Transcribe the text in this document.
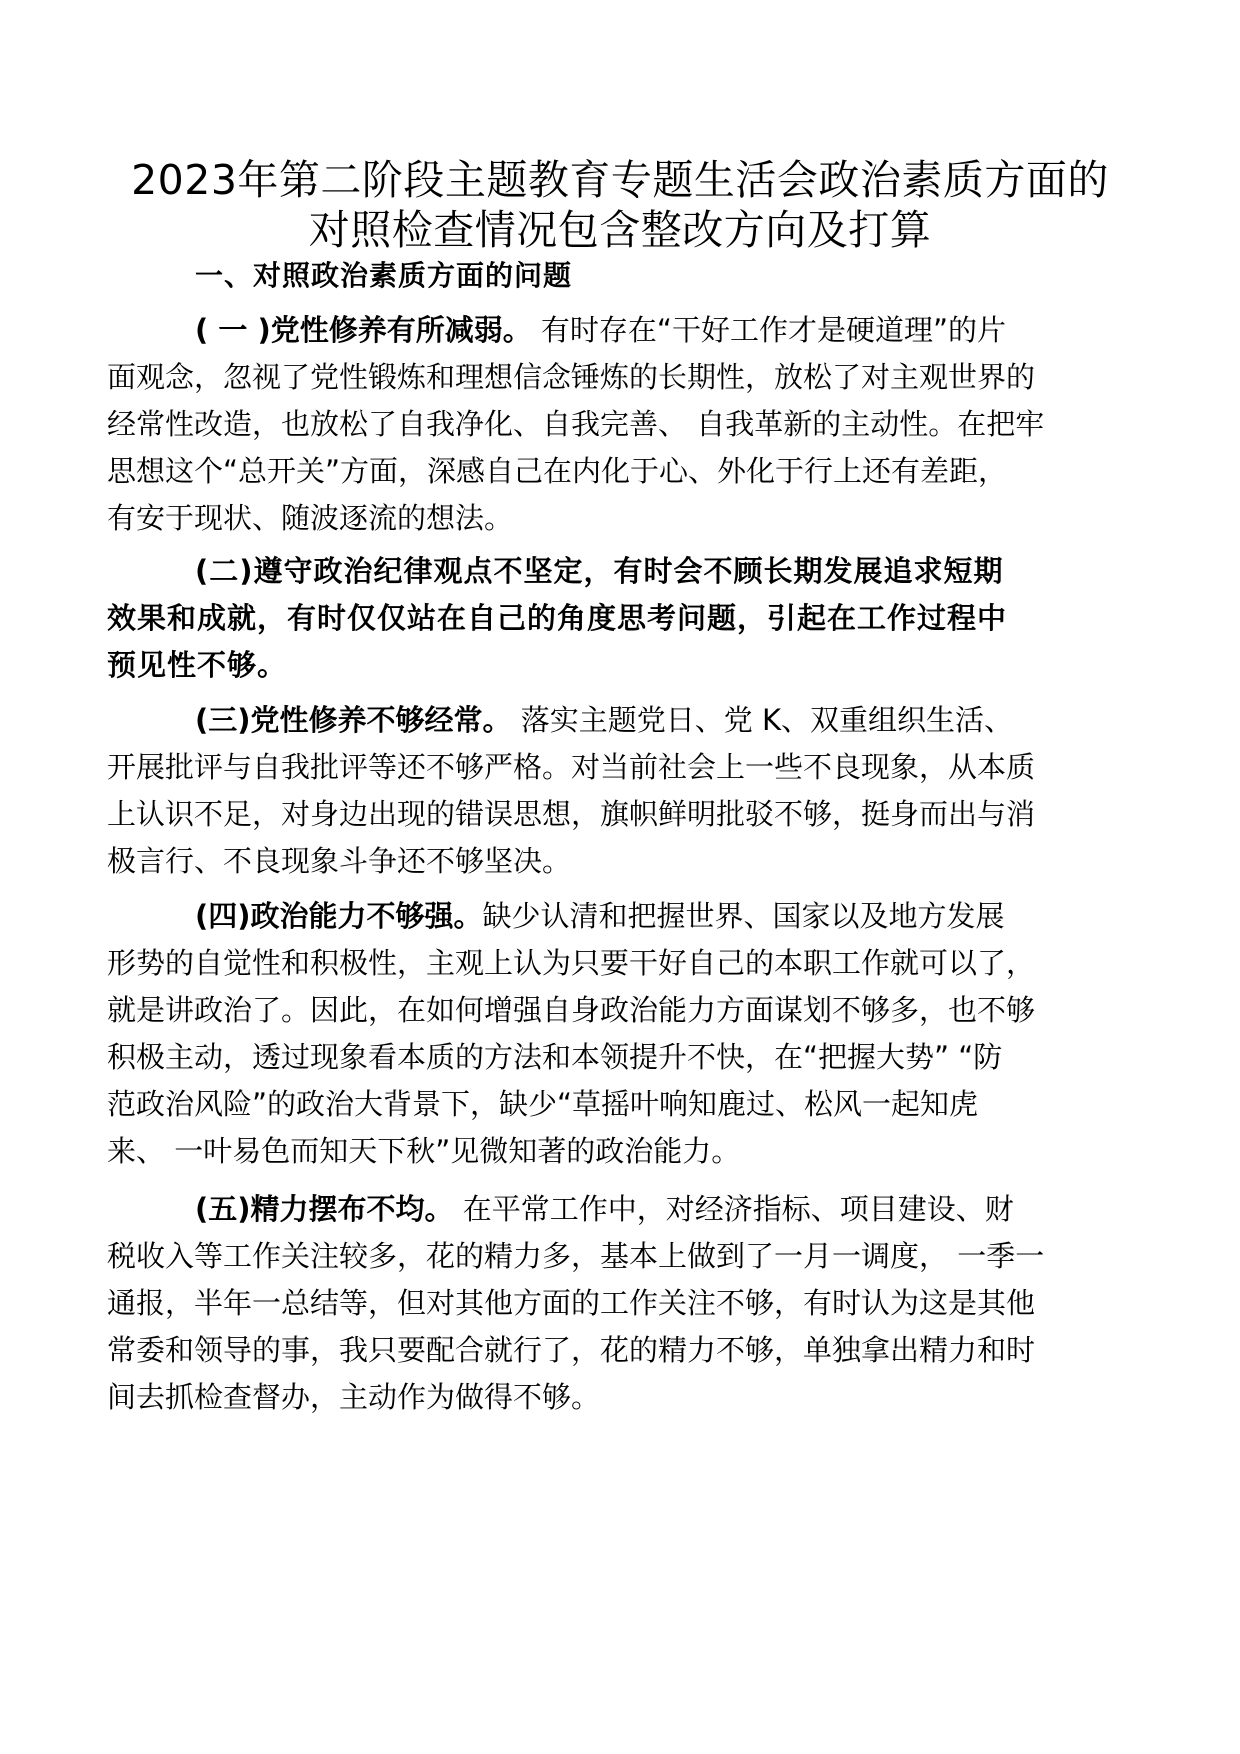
2023年第二阶段主题教育专题生活会政治素质方面的
对照检查情况包含整改方向及打算
一、对照政治素质方面的问题
( 一 )党性修养有所减弱。 有时存在“干好工作才是硬道理”的片
面观念，忽视了党性锻炼和理想信念锤炼的长期性，放松了对主观世界的
经常性改造，也放松了自我净化、自我完善、 自我革新的主动性。在把牢
思想这个“总开关”方面，深感自己在内化于心、外化于行上还有差距，
有安于现状、随波逐流的想法。
(二)遵守政治纪律观点不坚定，有时会不顾长期发展追求短期
效果和成就，有时仅仅站在自己的角度思考问题，引起在工作过程中
预见性不够。
(三)党性修养不够经常。 落实主题党日、党 K、双重组织生活、
开展批评与自我批评等还不够严格。对当前社会上一些不良现象，从本质
上认识不足，对身边出现的错误思想，旗帜鲜明批驳不够，挺身而出与消
极言行、不良现象斗争还不够坚决。
(四)政治能力不够强。缺少认清和把握世界、国家以及地方发展
形势的自觉性和积极性，主观上认为只要干好自己的本职工作就可以了，
就是讲政治了。因此，在如何增强自身政治能力方面谋划不够多，也不够
积极主动，透过现象看本质的方法和本领提升不快，在“把握大势” “防
范政治风险”的政治大背景下，缺少“草摇叶响知鹿过、松风一起知虎
来、 一叶易色而知天下秋”见微知著的政治能力。
(五)精力摆布不均。 在平常工作中，对经济指标、项目建设、财
税收入等工作关注较多，花的精力多，基本上做到了一月一调度， 一季一
通报，半年一总结等，但对其他方面的工作关注不够，有时认为这是其他
常委和领导的事，我只要配合就行了，花的精力不够，单独拿出精力和时
间去抓检查督办，主动作为做得不够。
